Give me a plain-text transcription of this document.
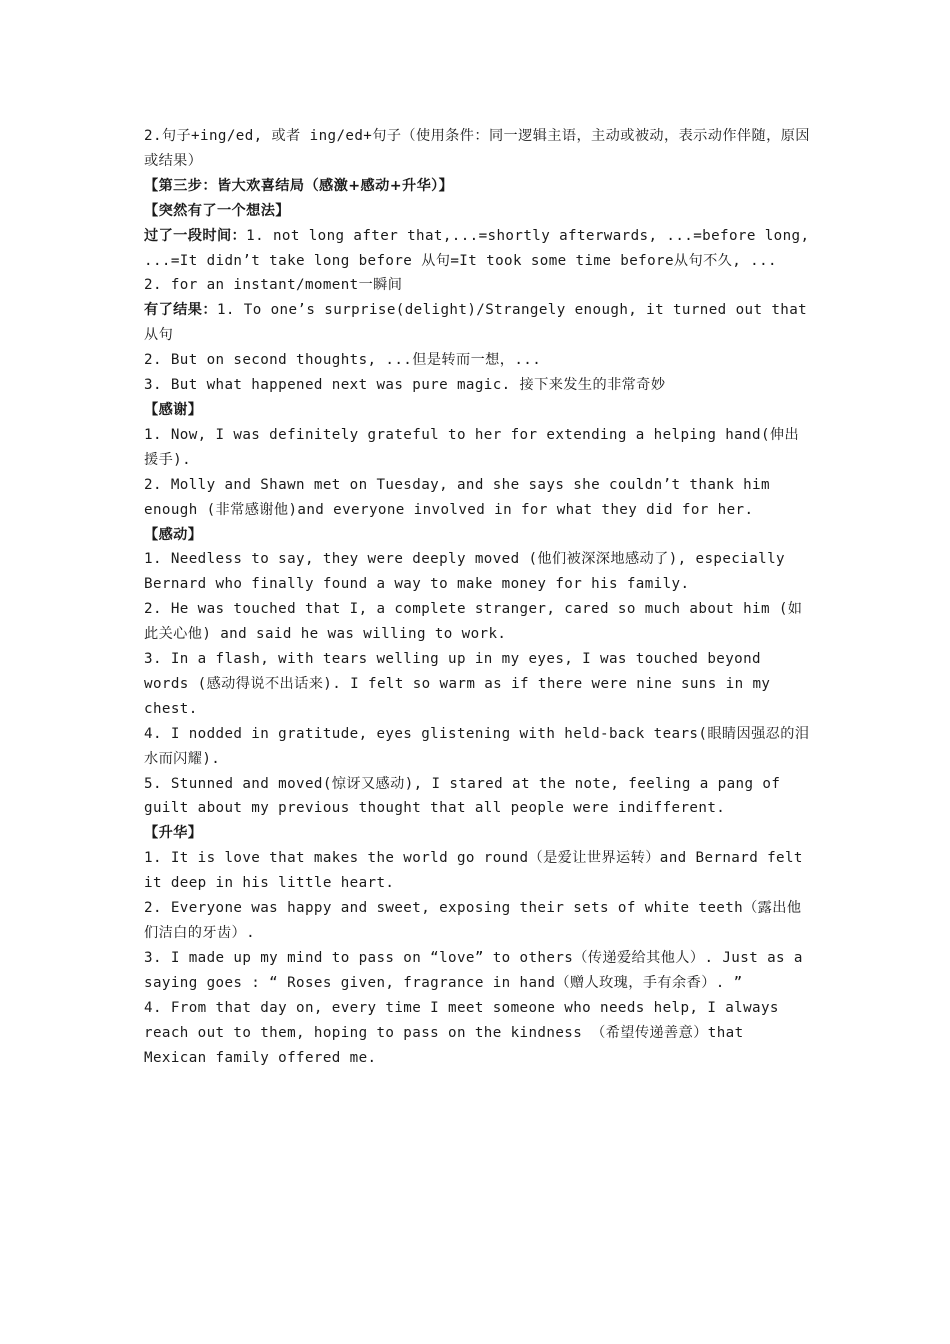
2.句子+ing/ed, 或者 ing/ed+句子（使用条件：同一逻辑主语，主动或被动，表示动作伴随，原因或结果）

【第三步：皆大欢喜结局（感激+感动+升华）】

【突然有了一个想法】

过了一段时间：1. not long after that,...=shortly afterwards, ...=before long, ...=It didn’t take long before 从句=It took some time before从句不久, ...

2. for an instant/moment一瞬间

有了结果：1. To one’s surprise(delight)/Strangely enough, it turned out that 从句

2. But on second thoughts, ...但是转而一想，...

3. But what happened next was pure magic. 接下来发生的非常奇妙

【感谢】

1. Now, I was definitely grateful to her for extending a helping hand(伸出援手).

2. Molly and Shawn met on Tuesday, and she says she couldn’t thank him enough (非常感谢他)and everyone involved in for what they did for her.

【感动】

1. Needless to say, they were deeply moved (他们被深深地感动了), especially Bernard who finally found a way to make money for his family.

2. He was touched that I, a complete stranger, cared so much about him (如此关心他) and said he was willing to work.

3. In a flash, with tears welling up in my eyes, I was touched beyond words (感动得说不出话来). I felt so warm as if there were nine suns in my chest.

4. I nodded in gratitude, eyes glistening with held-back tears(眼睛因强忍的泪水而闪耀).

5. Stunned and moved(惊讶又感动), I stared at the note, feeling a pang of guilt about my previous thought that all people were indifferent.

【升华】

1. It is love that makes the world go round（是爱让世界运转）and Bernard felt it deep in his little heart.

2. Everyone was happy and sweet, exposing their sets of white teeth（露出他们洁白的牙齿）.

3. I made up my mind to pass on “love” to others（传递爱给其他人）. Just as a saying goes : “ Roses given, fragrance in hand（赠人玫瑰，手有余香）. ”

4. From that day on, every time I meet someone who needs help, I always reach out to them, hoping to pass on the kindness （希望传递善意）that Mexican family offered me.
